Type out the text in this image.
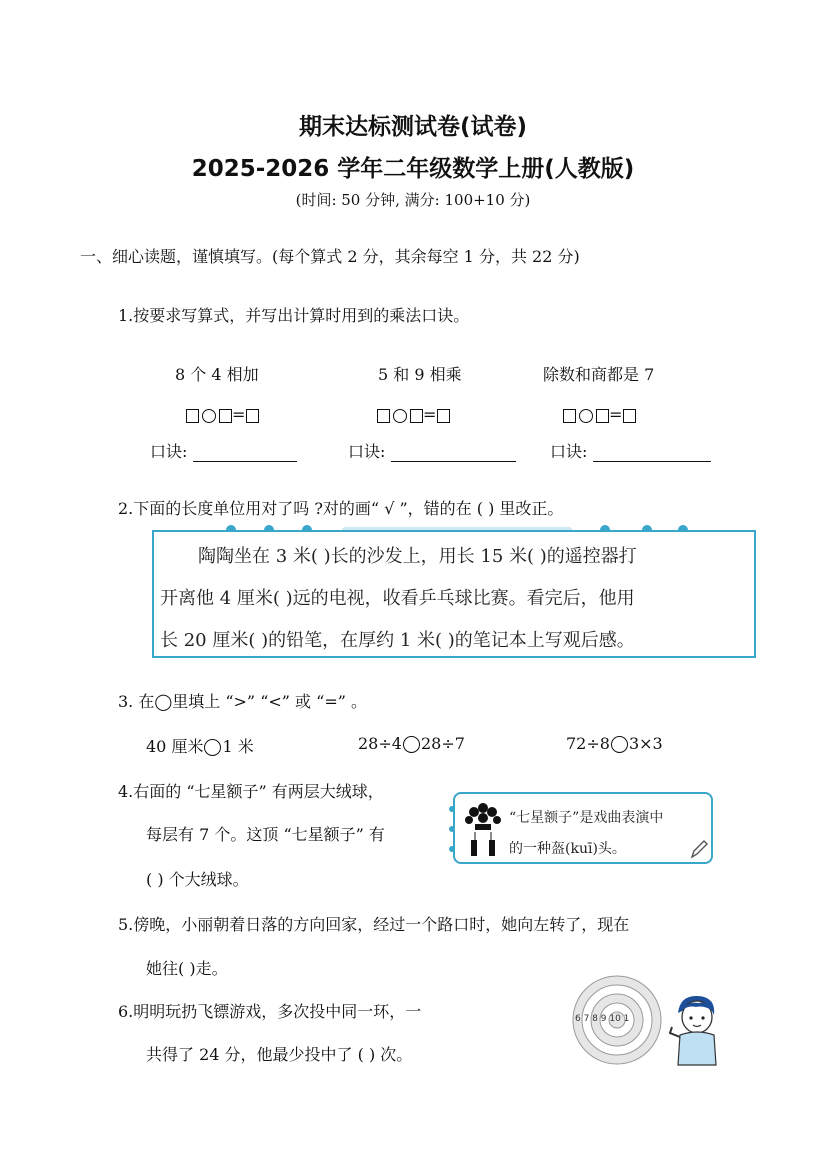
期末达标测试卷(试卷)
2025-2026 学年二年级数学上册(人教版)
(时间: 50 分钟, 满分: 100+10 分)
一、细心读题，谨慎填写。(每个算式 2 分，其余每空 1 分，共 22 分)
1.按要求写算式，并写出计算时用到的乘法口诀。
8 个 4 相加	5 和 9 相乘	除数和商都是 7
=	=	=
口诀:	口诀:	口诀:
2.下面的长度单位用对了吗 ?对的画“ √ ”，错的在 ( ) 里改正。
陶陶坐在 3 米( )长的沙发上，用长 15 米( )的遥控器打
开离他 4 厘米( )远的电视，收看乒乓球比赛。看完后，他用
长 20 厘米( )的铅笔，在厚约 1 米( )的笔记本上写观后感。
3. 在◯里填上 “>” “<” 或 “=” 。
40 厘米 1 米	28÷4 28÷7	72÷8 3×3
4.右面的 “七星额子” 有两层大绒球，
每层有 7 个。这顶 “七星额子” 有
( ) 个大绒球。
“七星额子”是戏曲表演中
的一种盔(kuī)头。
5.傍晚，小丽朝着日落的方向回家，经过一个路口时，她向左转了，现在
她往( )走。
6.明明玩扔飞镖游戏，多次投中同一环，一
共得了 24 分，他最少投中了 ( ) 次。
6 7 8 9 10 1
